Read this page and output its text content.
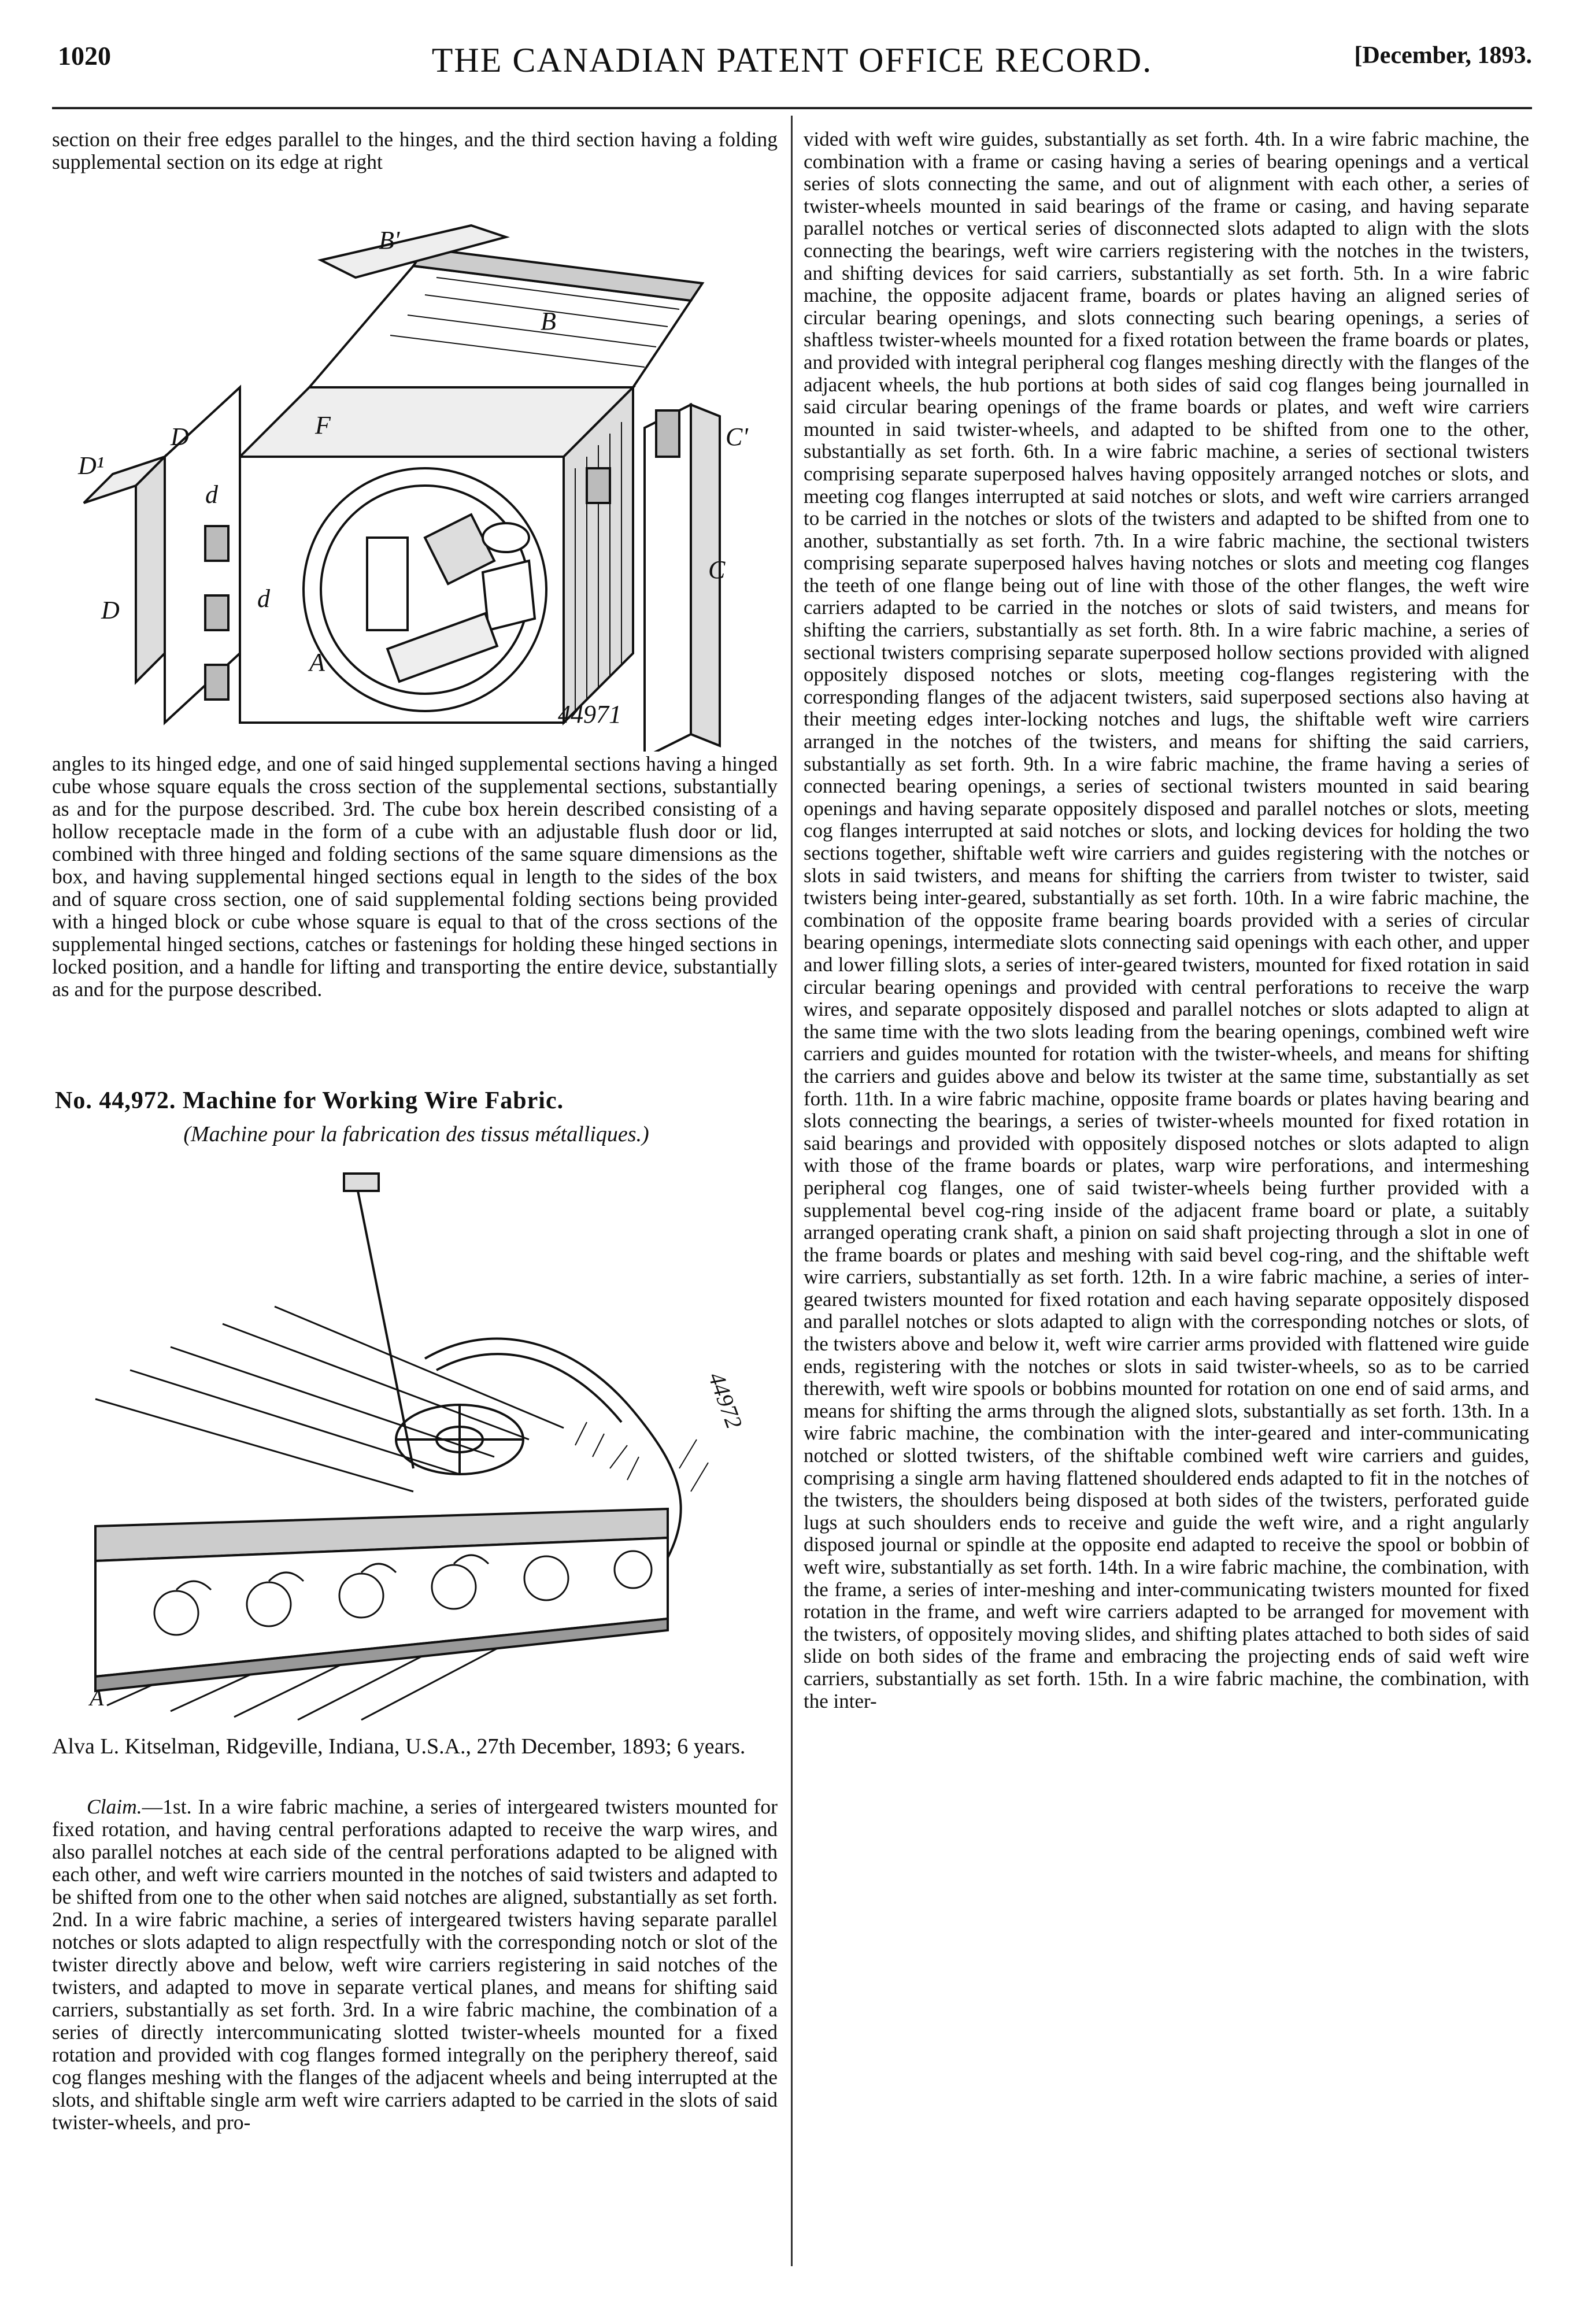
1020	THE CANADIAN PATENT OFFICE RECORD.	[December, 1893.

section on their free edges parallel to the hinges, and the third section having a folding supplemental section on its edge at right

B'
B
F
D	C'
D¹
d
d
D
C
A
44971

angles to its hinged edge, and one of said hinged supplemental sections having a hinged cube whose square equals the cross section of the supplemental sections, substantially as and for the purpose described. 3rd. The cube box herein described consisting of a hollow receptacle made in the form of a cube with an adjustable flush door or lid, combined with three hinged and folding sections of the same square dimensions as the box, and having supplemental hinged sections equal in length to the sides of the box and of square cross section, one of said supplemental folding sections being provided with a hinged block or cube whose square is equal to that of the cross sections of the supplemental hinged sections, catches or fastenings for holding these hinged sections in locked position, and a handle for lifting and transporting the entire device, substantially as and for the purpose described.

No. 44,972. Machine for Working Wire Fabric.
(Machine pour la fabrication des tissus métalliques.)
A
44972
Alva L. Kitselman, Ridgeville, Indiana, U.S.A., 27th December, 1893; 6 years.

Claim.—1st. In a wire fabric machine, a series of intergeared twisters mounted for fixed rotation, and having central perforations adapted to receive the warp wires, and also parallel notches at each side of the central perforations adapted to be aligned with each other, and weft wire carriers mounted in the notches of said twisters and adapted to be shifted from one to the other when said notches are aligned, substantially as set forth. 2nd. In a wire fabric machine, a series of intergeared twisters having separate parallel notches or slots adapted to align respectfully with the corresponding notch or slot of the twister directly above and below, weft wire carriers registering in said notches of the twisters, and adapted to move in separate vertical planes, and means for shifting said carriers, substantially as set forth. 3rd. In a wire fabric machine, the combination of a series of directly intercommunicating slotted twister-wheels mounted for a fixed rotation and provided with cog flanges formed integrally on the periphery thereof, said cog flanges meshing with the flanges of the adjacent wheels and being interrupted at the slots, and shiftable single arm weft wire carriers adapted to be carried in the slots of said twister-wheels, and pro-

vided with weft wire guides, substantially as set forth. 4th. In a wire fabric machine, the combination with a frame or casing having a series of bearing openings and a vertical series of slots connecting the same, and out of alignment with each other, a series of twister-wheels mounted in said bearings of the frame or casing, and having separate parallel notches or vertical series of disconnected slots adapted to align with the slots connecting the bearings, weft wire carriers registering with the notches in the twisters, and shifting devices for said carriers, substantially as set forth. 5th. In a wire fabric machine, the opposite adjacent frame, boards or plates having an aligned series of circular bearing openings, and slots connecting such bearing openings, a series of shaftless twister-wheels mounted for a fixed rotation between the frame boards or plates, and provided with integral peripheral cog flanges meshing directly with the flanges of the adjacent wheels, the hub portions at both sides of said cog flanges being journalled in said circular bearing openings of the frame boards or plates, and weft wire carriers mounted in said twister-wheels, and adapted to be shifted from one to the other, substantially as set forth. 6th. In a wire fabric machine, a series of sectional twisters comprising separate superposed halves having oppositely arranged notches or slots, and meeting cog flanges interrupted at said notches or slots, and weft wire carriers arranged to be carried in the notches or slots of the twisters and adapted to be shifted from one to another, substantially as set forth. 7th. In a wire fabric machine, the sectional twisters comprising separate superposed halves having notches or slots and meeting cog flanges the teeth of one flange being out of line with those of the other flanges, the weft wire carriers adapted to be carried in the notches or slots of said twisters, and means for shifting the carriers, substantially as set forth. 8th. In a wire fabric machine, a series of sectional twisters comprising separate superposed hollow sections provided with aligned oppositely disposed notches or slots, meeting cog-flanges registering with the corresponding flanges of the adjacent twisters, said superposed sections also having at their meeting edges inter-locking notches and lugs, the shiftable weft wire carriers arranged in the notches of the twisters, and means for shifting the said carriers, substantially as set forth. 9th. In a wire fabric machine, the frame having a series of connected bearing openings, a series of sectional twisters mounted in said bearing openings and having separate oppositely disposed and parallel notches or slots, meeting cog flanges interrupted at said notches or slots, and locking devices for holding the two sections together, shiftable weft wire carriers and guides registering with the notches or slots in said twisters, and means for shifting the carriers from twister to twister, said twisters being inter-geared, substantially as set forth. 10th. In a wire fabric machine, the combination of the opposite frame bearing boards provided with a series of circular bearing openings, intermediate slots connecting said openings with each other, and upper and lower filling slots, a series of inter-geared twisters, mounted for fixed rotation in said circular bearing openings and provided with central perforations to receive the warp wires, and separate oppositely disposed and parallel notches or slots adapted to align at the same time with the two slots leading from the bearing openings, combined weft wire carriers and guides mounted for rotation with the twister-wheels, and means for shifting the carriers and guides above and below its twister at the same time, substantially as set forth. 11th. In a wire fabric machine, opposite frame boards or plates having bearing and slots connecting the bearings, a series of twister-wheels mounted for fixed rotation in said bearings and provided with oppositely disposed notches or slots adapted to align with those of the frame boards or plates, warp wire perforations, and intermeshing peripheral cog flanges, one of said twister-wheels being further provided with a supplemental bevel cog-ring inside of the adjacent frame board or plate, a suitably arranged operating crank shaft, a pinion on said shaft projecting through a slot in one of the frame boards or plates and meshing with said bevel cog-ring, and the shiftable weft wire carriers, substantially as set forth. 12th. In a wire fabric machine, a series of inter-geared twisters mounted for fixed rotation and each having separate oppositely disposed and parallel notches or slots adapted to align with the corresponding notches or slots, of the twisters above and below it, weft wire carrier arms provided with flattened wire guide ends, registering with the notches or slots in said twister-wheels, so as to be carried therewith, weft wire spools or bobbins mounted for rotation on one end of said arms, and means for shifting the arms through the aligned slots, substantially as set forth. 13th. In a wire fabric machine, the combination with the inter-geared and inter-communicating notched or slotted twisters, of the shiftable combined weft wire carriers and guides, comprising a single arm having flattened shouldered ends adapted to fit in the notches of the twisters, the shoulders being disposed at both sides of the twisters, perforated guide lugs at such shoulders ends to receive and guide the weft wire, and a right angularly disposed journal or spindle at the opposite end adapted to receive the spool or bobbin of weft wire, substantially as set forth. 14th. In a wire fabric machine, the combination, with the frame, a series of inter-meshing and inter-communicating twisters mounted for fixed rotation in the frame, and weft wire carriers adapted to be arranged for movement with the twisters, of oppositely moving slides, and shifting plates attached to both sides of said slide on both sides of the frame and embracing the projecting ends of said weft wire carriers, substantially as set forth. 15th. In a wire fabric machine, the combination, with the inter-
